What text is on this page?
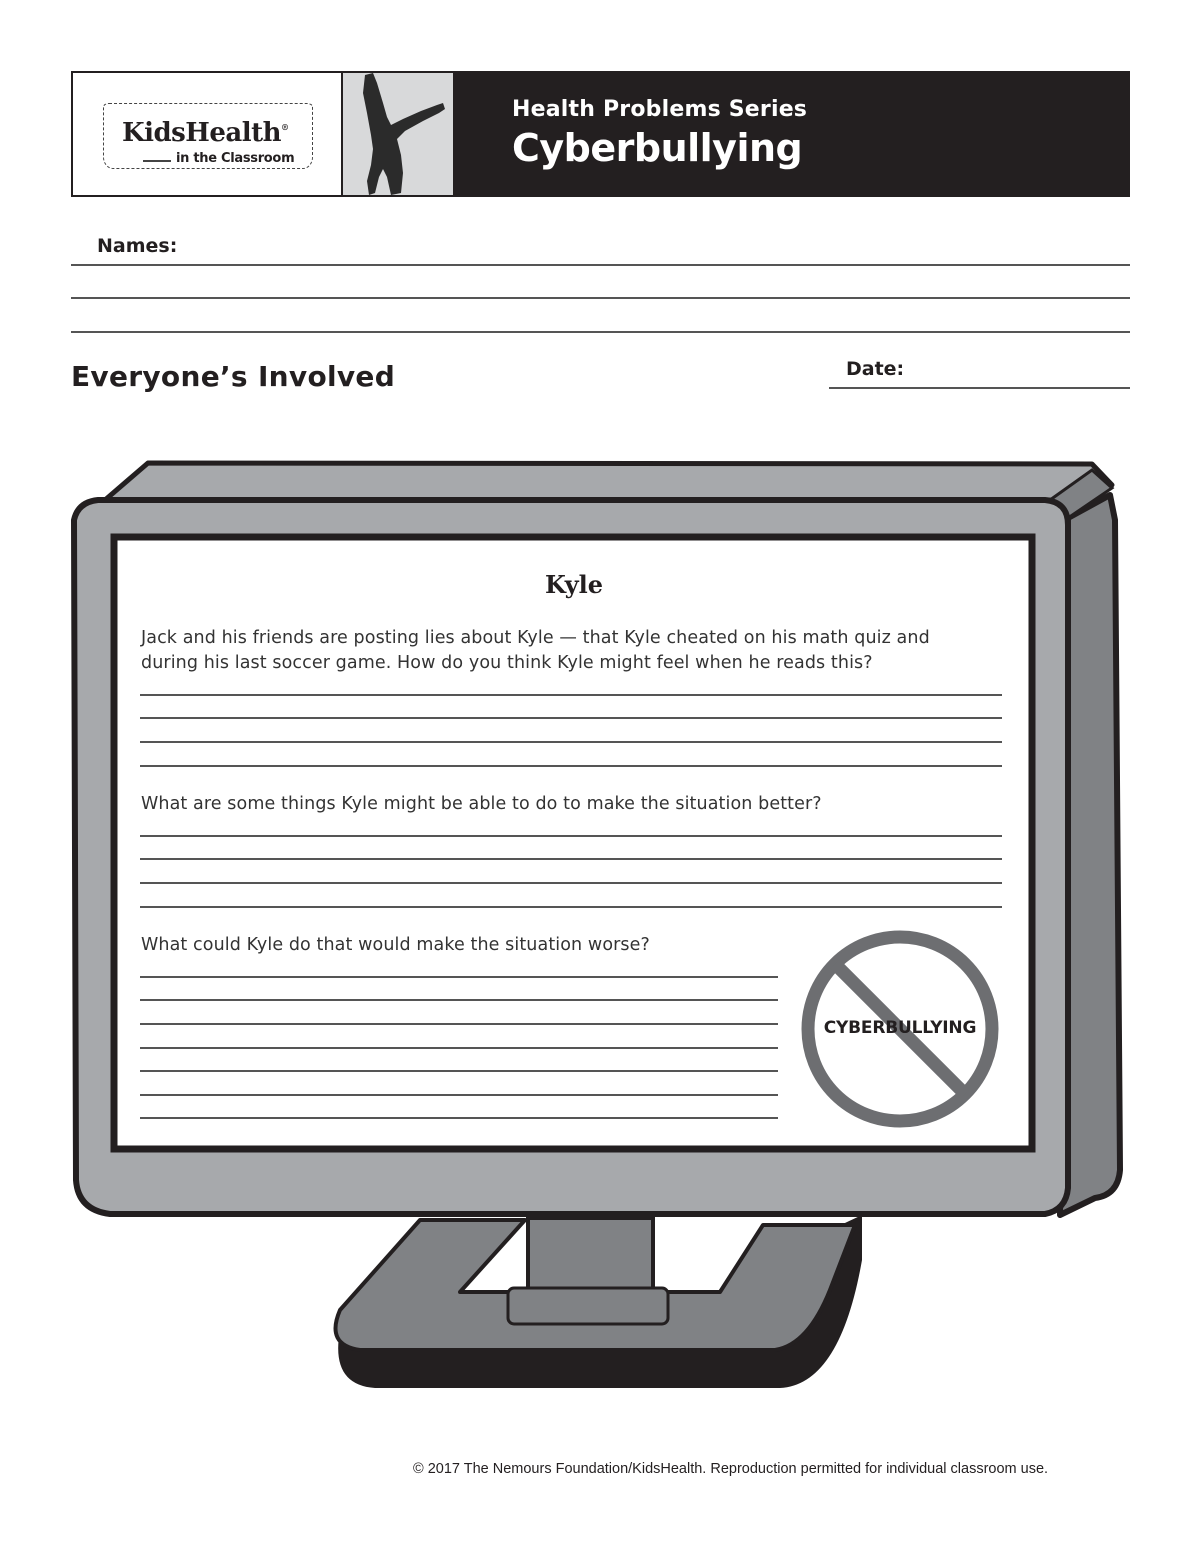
KidsHealth®
in the Classroom
Health Problems Series
Cyberbullying
Names:
Everyone’s Involved	Date:
Kyle
Jack and his friends are posting lies about Kyle — that Kyle cheated on his math quiz and during his last soccer game. How do you think Kyle might feel when he reads this?
What are some things Kyle might be able to do to make the situation better?
What could Kyle do that would make the situation worse?
CYBERBULLYING
© 2017 The Nemours Foundation/KidsHealth. Reproduction permitted for individual classroom use.
